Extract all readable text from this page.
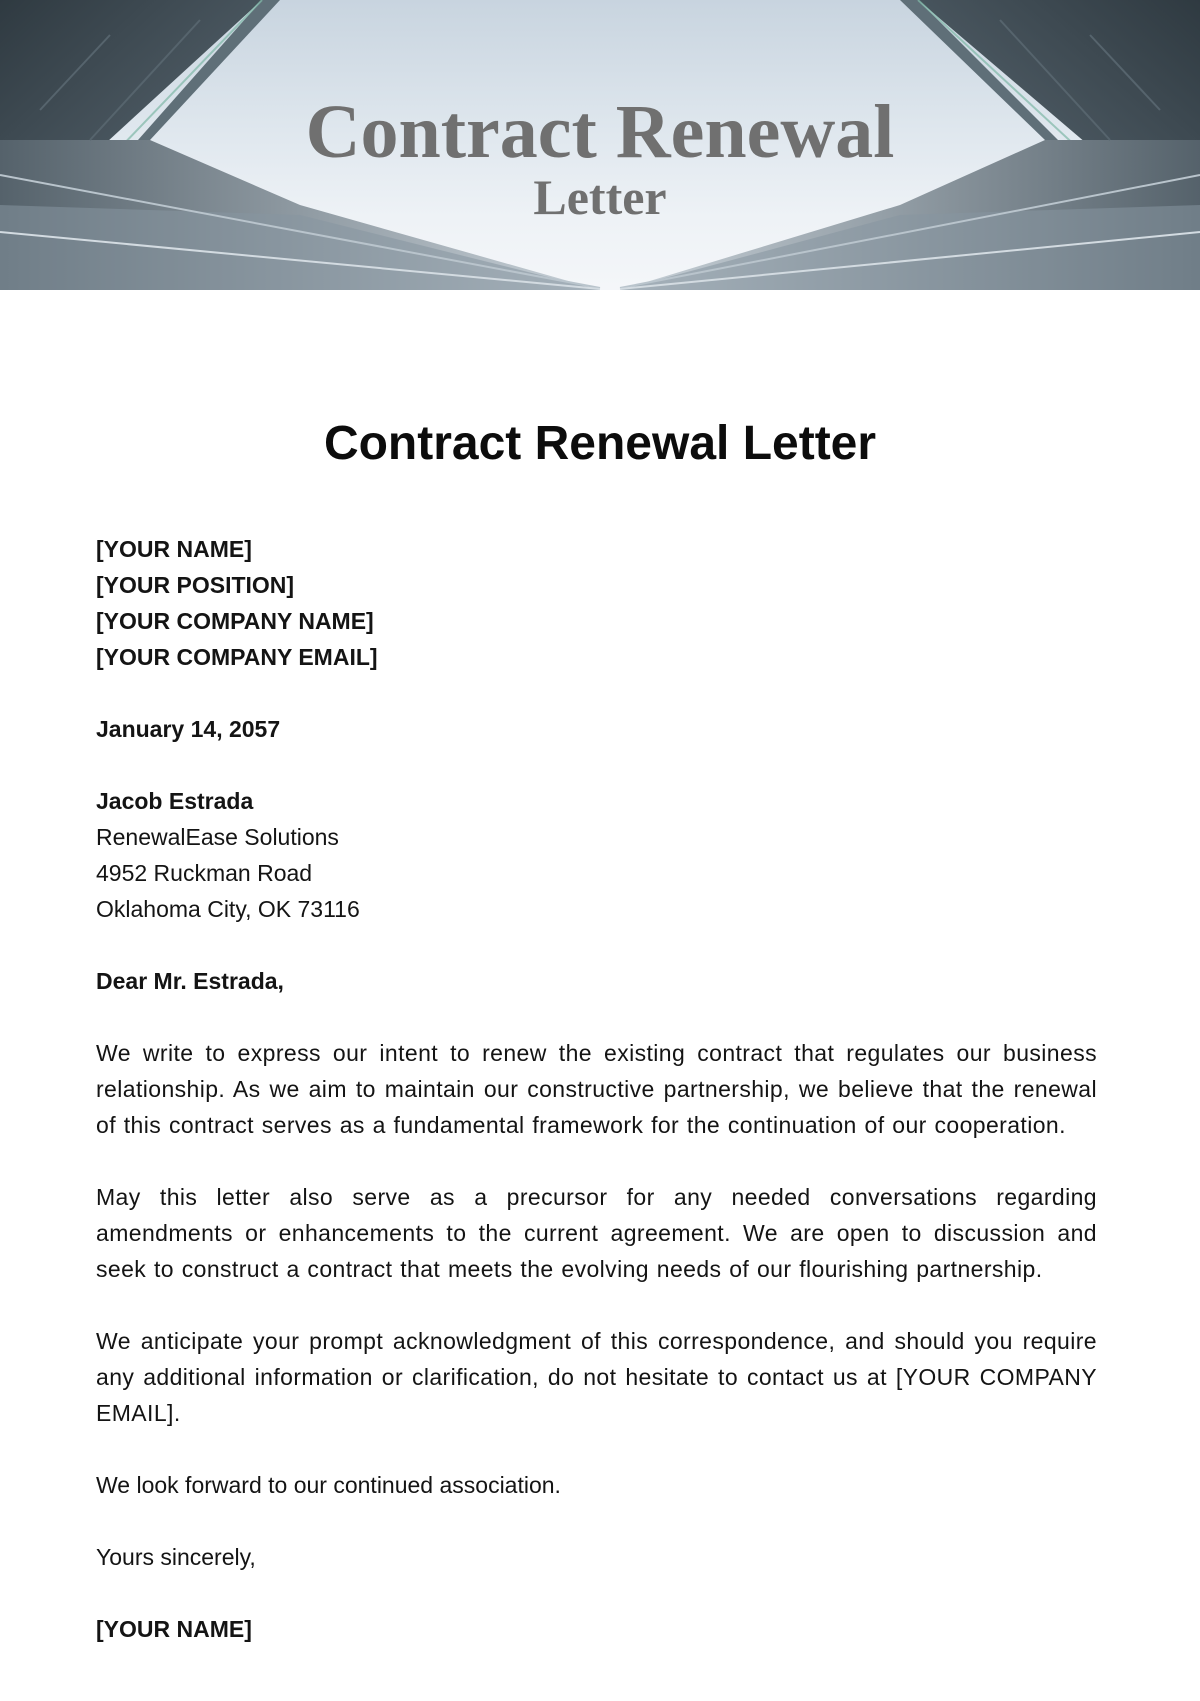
Contract Renewal

Letter

Contract Renewal Letter

[YOUR NAME]

[YOUR POSITION]

[YOUR COMPANY NAME]

[YOUR COMPANY EMAIL]

January 14, 2057

Jacob Estrada

RenewalEase Solutions

4952 Ruckman Road

Oklahoma City, OK 73116

Dear Mr. Estrada,

We write to express our intent to renew the existing contract that regulates our business relationship. As we aim to maintain our constructive partnership, we believe that the renewal of this contract serves as a fundamental framework for the continuation of our cooperation.

May this letter also serve as a precursor for any needed conversations regarding amendments or enhancements to the current agreement. We are open to discussion and seek to construct a contract that meets the evolving needs of our flourishing partnership.

We anticipate your prompt acknowledgment of this correspondence, and should you require any additional information or clarification, do not hesitate to contact us at [YOUR COMPANY EMAIL].

We look forward to our continued association.

Yours sincerely,

[YOUR NAME]
